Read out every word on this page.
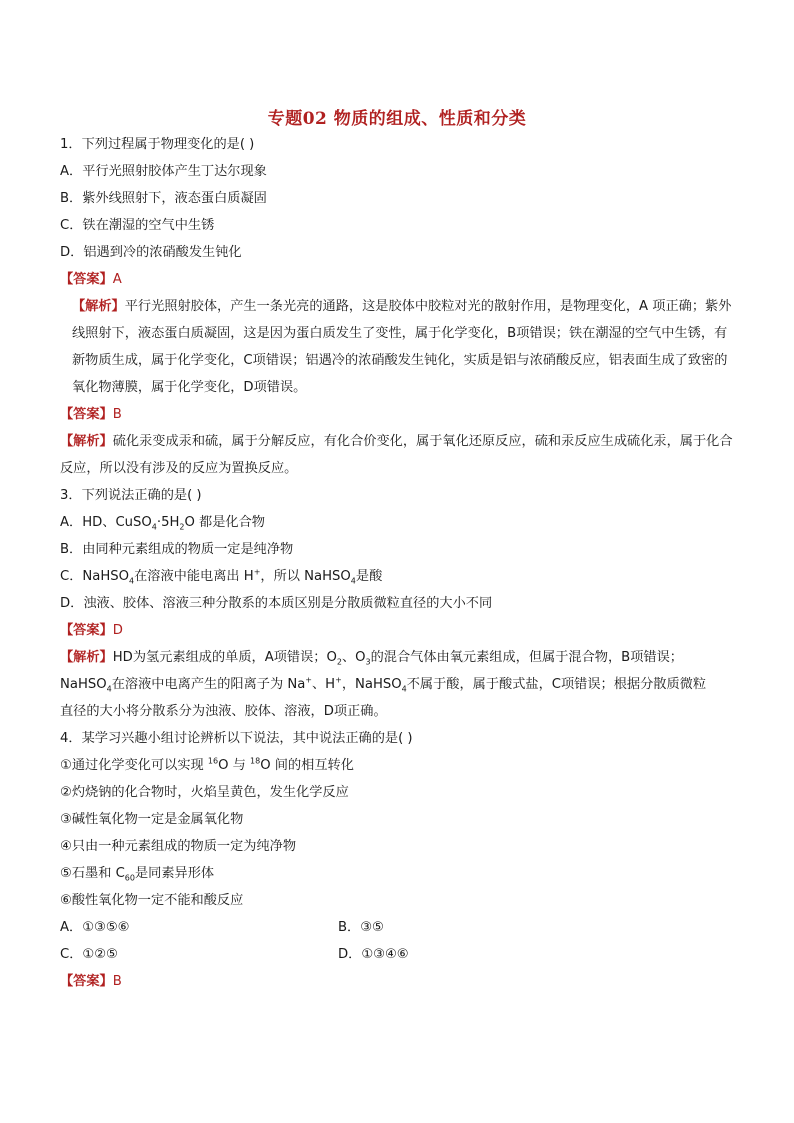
专题02 物质的组成、性质和分类
1．下列过程属于物理变化的是( )
A．平行光照射胶体产生丁达尔现象
B．紫外线照射下，液态蛋白质凝固
C．铁在潮湿的空气中生锈
D．铝遇到冷的浓硝酸发生钝化
【答案】A
【解析】平行光照射胶体，产生一条光亮的通路，这是胶体中胶粒对光的散射作用，是物理变化，A 项正确；紫外线照射下，液态蛋白质凝固，这是因为蛋白质发生了变性，属于化学变化，B项错误；铁在潮湿的空气中生锈，有新物质生成，属于化学变化，C项错误；铝遇冷的浓硝酸发生钝化，实质是铝与浓硝酸反应，铝表面生成了致密的氧化物薄膜，属于化学变化，D项错误。
【答案】B
【解析】硫化汞变成汞和硫，属于分解反应，有化合价变化，属于氧化还原反应，硫和汞反应生成硫化汞，属于化合反应，所以没有涉及的反应为置换反应。
3．下列说法正确的是( )
A．HD、$CuSO_4\cdot 5H_2O$ 都是化合物
B．由同种元素组成的物质一定是纯净物
C．NaHSO$_4$在溶液中能电离出 H+，所以 NaHSO$_4$是酸
D．浊液、胶体、溶液三种分散系的本质区别是分散质微粒直径的大小不同
【答案】D
【解析】HD为氢元素组成的单质，A项错误；$O_2$、$O_3$的混合气体由氧元素组成，但属于混合物，B项错误；
NaHSO$_4$在溶液中电离产生的阳离子为 Na+、H+，NaHSO$_4$不属于酸，属于酸式盐，C项错误；根据分散质微粒
直径的大小将分散系分为浊液、胶体、溶液，D项正确。
4．某学习兴趣小组讨论辨析以下说法，其中说法正确的是( )
①通过化学变化可以实现 $^{16}$O 与 $^{18}$O 间的相互转化
②灼烧钠的化合物时，火焰呈黄色，发生化学反应
③碱性氧化物一定是金属氧化物
④只由一种元素组成的物质一定为纯净物
⑤石墨和 $C_{60}$是同素异形体
⑥酸性氧化物一定不能和酸反应
A．①③⑤⑥	B．③⑤
C．①②⑤	D．①③④⑥
【答案】B
